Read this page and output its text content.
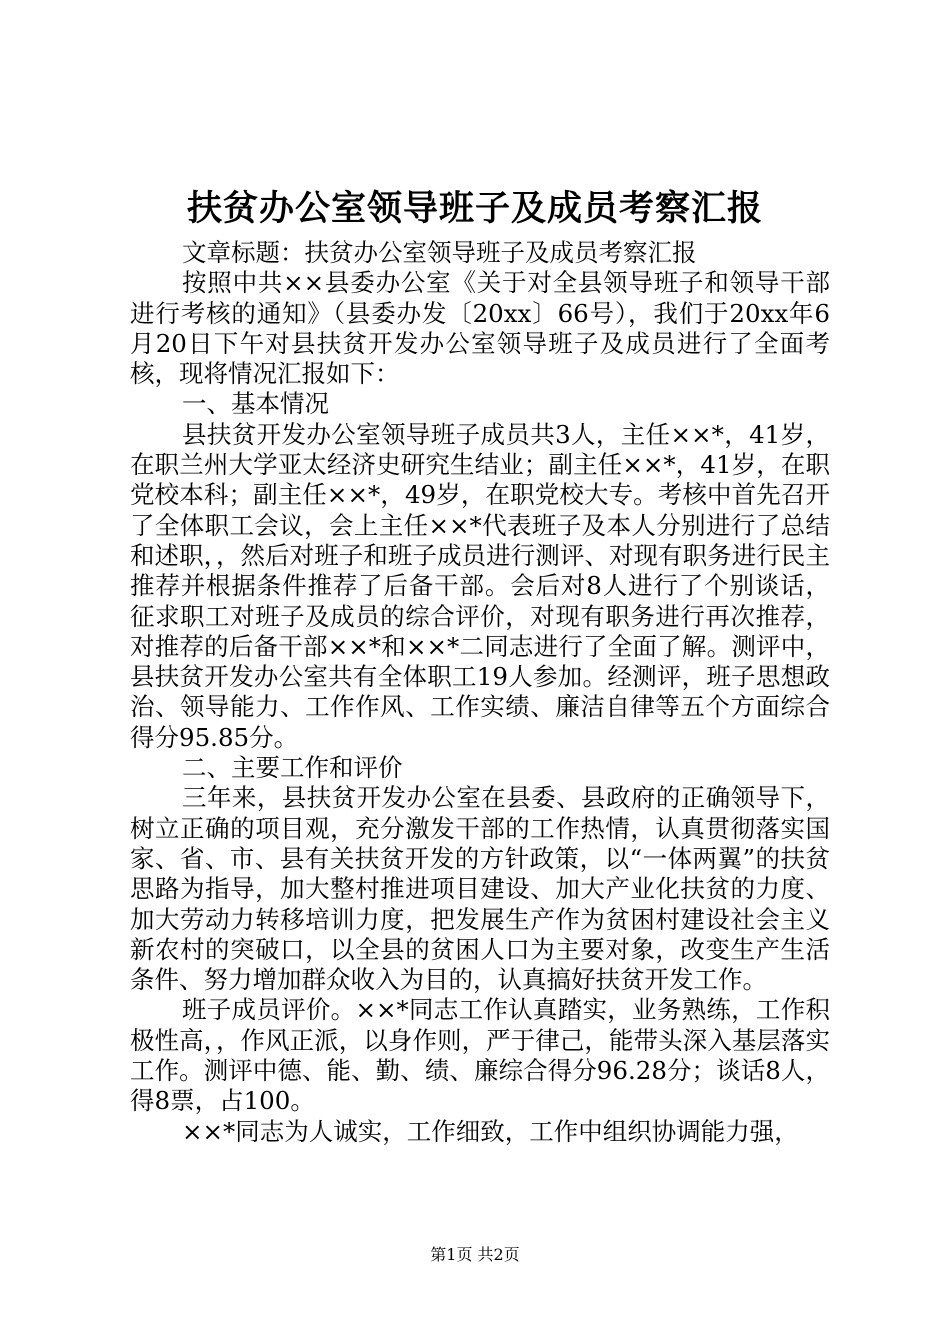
扶贫办公室领导班子及成员考察汇报

文章标题：扶贫办公室领导班子及成员考察汇报

按照中共××县委办公室《关于对全县领导班子和领导干部进行考核的通知》（县委办发〔20xx〕66号），我们于20xx年6月20日下午对县扶贫开发办公室领导班子及成员进行了全面考核，现将情况汇报如下：

一、基本情况

县扶贫开发办公室领导班子成员共3人，主任××*，41岁，在职兰州大学亚太经济史研究生结业；副主任××*，41岁，在职党校本科；副主任××*，49岁，在职党校大专。考核中首先召开了全体职工会议，会上主任××*代表班子及本人分别进行了总结和述职，，然后对班子和班子成员进行测评、对现有职务进行民主推荐并根据条件推荐了后备干部。会后对8人进行了个别谈话，征求职工对班子及成员的综合评价，对现有职务进行再次推荐，对推荐的后备干部××*和××*二同志进行了全面了解。测评中，县扶贫开发办公室共有全体职工19人参加。经测评，班子思想政治、领导能力、工作作风、工作实绩、廉洁自律等五个方面综合得分95.85分。

二、主要工作和评价

三年来，县扶贫开发办公室在县委、县政府的正确领导下，树立正确的项目观，充分激发干部的工作热情，认真贯彻落实国家、省、市、县有关扶贫开发的方针政策，以“一体两翼”的扶贫思路为指导，加大整村推进项目建设、加大产业化扶贫的力度、加大劳动力转移培训力度，把发展生产作为贫困村建设社会主义新农村的突破口，以全县的贫困人口为主要对象，改变生产生活条件、努力增加群众收入为目的，认真搞好扶贫开发工作。

班子成员评价。××*同志工作认真踏实，业务熟练，工作积极性高，，作风正派，以身作则，严于律己，能带头深入基层落实工作。测评中德、能、勤、绩、廉综合得分96.28分；谈话8人，得8票，占100。

××*同志为人诚实，工作细致，工作中组织协调能力强，

第1页 共2页
